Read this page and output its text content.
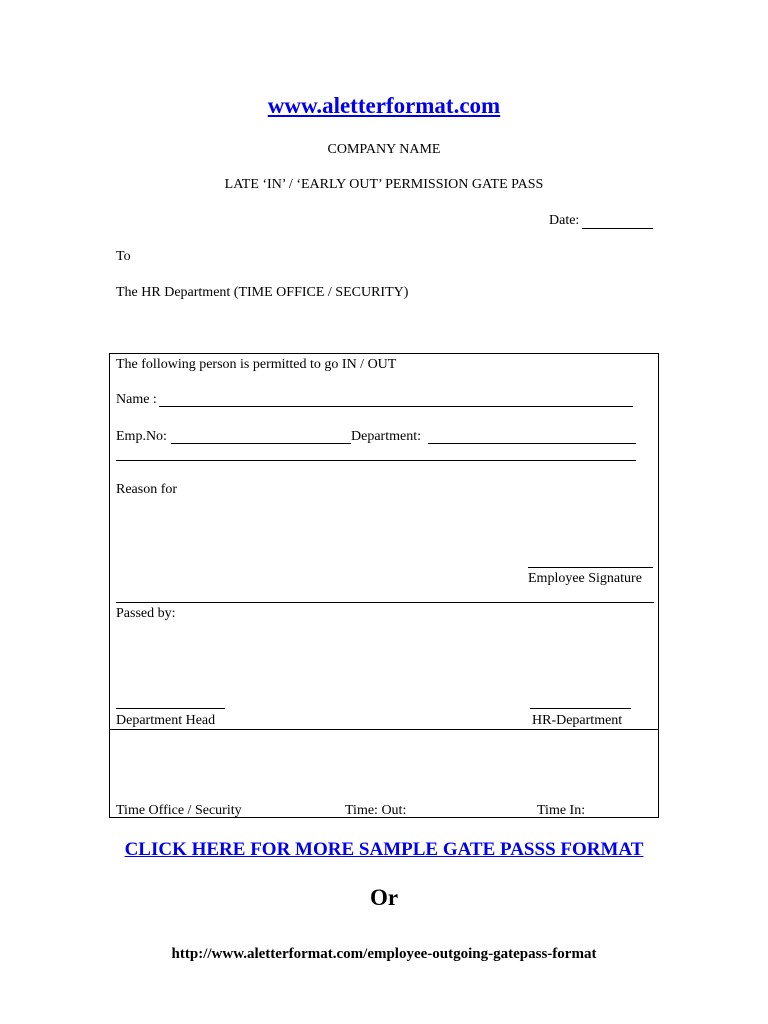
www.aletterformat.com
COMPANY NAME
LATE ‘IN’ / ‘EARLY OUT’ PERMISSION GATE PASS
Date:
To
The HR Department (TIME OFFICE / SECURITY)
The following person is permitted to go IN / OUT
Name :
Emp.No:	Department:
Reason for
Employee Signature
Passed by:
Department Head	HR-Department
Time Office / Security	Time: Out:	Time In:
CLICK HERE FOR MORE SAMPLE GATE PASSS FORMAT
Or
http://www.aletterformat.com/employee-outgoing-gatepass-format
